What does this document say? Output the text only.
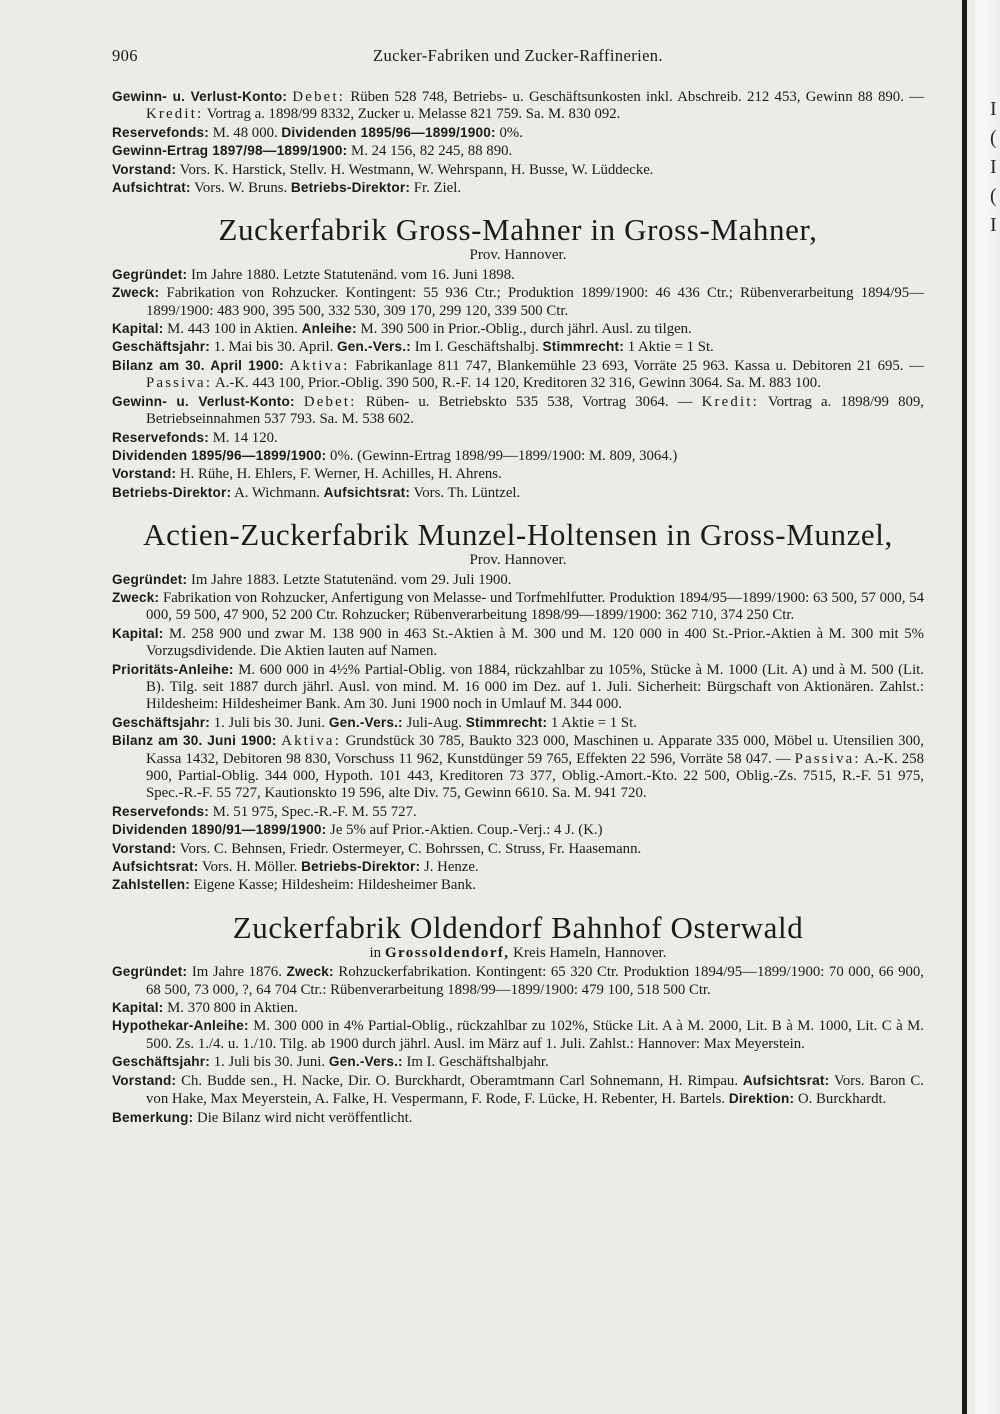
906	Zucker-Fabriken und Zucker-Raffinerien.

Gewinn- u. Verlust-Konto: Debet: Rüben 528 748, Betriebs- u. Geschäftsunkosten inkl. Abschreib. 212 453, Gewinn 88 890. — Kredit: Vortrag a. 1898/99 8332, Zucker u. Melasse 821 759. Sa. M. 830 092.

Reservefonds: M. 48 000. Dividenden 1895/96—1899/1900: 0%.

Gewinn-Ertrag 1897/98—1899/1900: M. 24 156, 82 245, 88 890.

Vorstand: Vors. K. Harstick, Stellv. H. Westmann, W. Wehrspann, H. Busse, W. Lüddecke.

Aufsichtrat: Vors. W. Bruns. Betriebs-Direktor: Fr. Ziel.

Zuckerfabrik Gross-Mahner in Gross-Mahner,
Prov. Hannover.

Gegründet: Im Jahre 1880. Letzte Statutenänd. vom 16. Juni 1898.

Zweck: Fabrikation von Rohzucker. Kontingent: 55 936 Ctr.; Produktion 1899/1900: 46 436 Ctr.; Rübenverarbeitung 1894/95—1899/1900: 483 900, 395 500, 332 530, 309 170, 299 120, 339 500 Ctr.

Kapital: M. 443 100 in Aktien. Anleihe: M. 390 500 in Prior.-Oblig., durch jährl. Ausl. zu tilgen.

Geschäftsjahr: 1. Mai bis 30. April. Gen.-Vers.: Im I. Geschäftshalbj. Stimmrecht: 1 Aktie = 1 St.

Bilanz am 30. April 1900: Aktiva: Fabrikanlage 811 747, Blankemühle 23 693, Vorräte 25 963. Kassa u. Debitoren 21 695. — Passiva: A.-K. 443 100, Prior.-Oblig. 390 500, R.-F. 14 120, Kreditoren 32 316, Gewinn 3064. Sa. M. 883 100.

Gewinn- u. Verlust-Konto: Debet: Rüben- u. Betriebskto 535 538, Vortrag 3064. — Kredit: Vortrag a. 1898/99 809, Betriebseinnahmen 537 793. Sa. M. 538 602.

Reservefonds: M. 14 120.

Dividenden 1895/96—1899/1900: 0%. (Gewinn-Ertrag 1898/99—1899/1900: M. 809, 3064.)

Vorstand: H. Rühe, H. Ehlers, F. Werner, H. Achilles, H. Ahrens.

Betriebs-Direktor: A. Wichmann. Aufsichtsrat: Vors. Th. Lüntzel.

Actien-Zuckerfabrik Munzel-Holtensen in Gross-Munzel,
Prov. Hannover.

Gegründet: Im Jahre 1883. Letzte Statutenänd. vom 29. Juli 1900.

Zweck: Fabrikation von Rohzucker, Anfertigung von Melasse- und Torfmehlfutter. Produktion 1894/95—1899/1900: 63 500, 57 000, 54 000, 59 500, 47 900, 52 200 Ctr. Rohzucker; Rübenverarbeitung 1898/99—1899/1900: 362 710, 374 250 Ctr.

Kapital: M. 258 900 und zwar M. 138 900 in 463 St.-Aktien à M. 300 und M. 120 000 in 400 St.-Prior.-Aktien à M. 300 mit 5% Vorzugsdividende. Die Aktien lauten auf Namen.

Prioritäts-Anleihe: M. 600 000 in 4½% Partial-Oblig. von 1884, rückzahlbar zu 105%, Stücke à M. 1000 (Lit. A) und à M. 500 (Lit. B). Tilg. seit 1887 durch jährl. Ausl. von mind. M. 16 000 im Dez. auf 1. Juli. Sicherheit: Bürgschaft von Aktionären. Zahlst.: Hildesheim: Hildesheimer Bank. Am 30. Juni 1900 noch in Umlauf M. 344 000.

Geschäftsjahr: 1. Juli bis 30. Juni. Gen.-Vers.: Juli-Aug. Stimmrecht: 1 Aktie = 1 St.

Bilanz am 30. Juni 1900: Aktiva: Grundstück 30 785, Baukto 323 000, Maschinen u. Apparate 335 000, Möbel u. Utensilien 300, Kassa 1432, Debitoren 98 830, Vorschuss 11 962, Kunstdünger 59 765, Effekten 22 596, Vorräte 58 047. — Passiva: A.-K. 258 900, Partial-Oblig. 344 000, Hypoth. 101 443, Kreditoren 73 377, Oblig.-Amort.-Kto. 22 500, Oblig.-Zs. 7515, R.-F. 51 975, Spec.-R.-F. 55 727, Kautionskto 19 596, alte Div. 75, Gewinn 6610. Sa. M. 941 720.

Reservefonds: M. 51 975, Spec.-R.-F. M. 55 727.

Dividenden 1890/91—1899/1900: Je 5% auf Prior.-Aktien. Coup.-Verj.: 4 J. (K.)

Vorstand: Vors. C. Behnsen, Friedr. Ostermeyer, C. Bohrssen, C. Struss, Fr. Haasemann.

Aufsichtsrat: Vors. H. Möller. Betriebs-Direktor: J. Henze.

Zahlstellen: Eigene Kasse; Hildesheim: Hildesheimer Bank.

Zuckerfabrik Oldendorf Bahnhof Osterwald
in Grossoldendorf, Kreis Hameln, Hannover.

Gegründet: Im Jahre 1876. Zweck: Rohzuckerfabrikation. Kontingent: 65 320 Ctr. Produktion 1894/95—1899/1900: 70 000, 66 900, 68 500, 73 000, ?, 64 704 Ctr.: Rübenverarbeitung 1898/99—1899/1900: 479 100, 518 500 Ctr.

Kapital: M. 370 800 in Aktien.

Hypothekar-Anleihe: M. 300 000 in 4% Partial-Oblig., rückzahlbar zu 102%, Stücke Lit. A à M. 2000, Lit. B à M. 1000, Lit. C à M. 500. Zs. 1./4. u. 1./10. Tilg. ab 1900 durch jährl. Ausl. im März auf 1. Juli. Zahlst.: Hannover: Max Meyerstein.

Geschäftsjahr: 1. Juli bis 30. Juni. Gen.-Vers.: Im I. Geschäftshalbjahr.

Vorstand: Ch. Budde sen., H. Nacke, Dir. O. Burckhardt, Oberamtmann Carl Sohnemann, H. Rimpau. Aufsichtsrat: Vors. Baron C. von Hake, Max Meyerstein, A. Falke, H. Vespermann, F. Rode, F. Lücke, H. Rebenter, H. Bartels. Direktion: O. Burckhardt.

Bemerkung: Die Bilanz wird nicht veröffentlicht.

I
(
I
(
I
